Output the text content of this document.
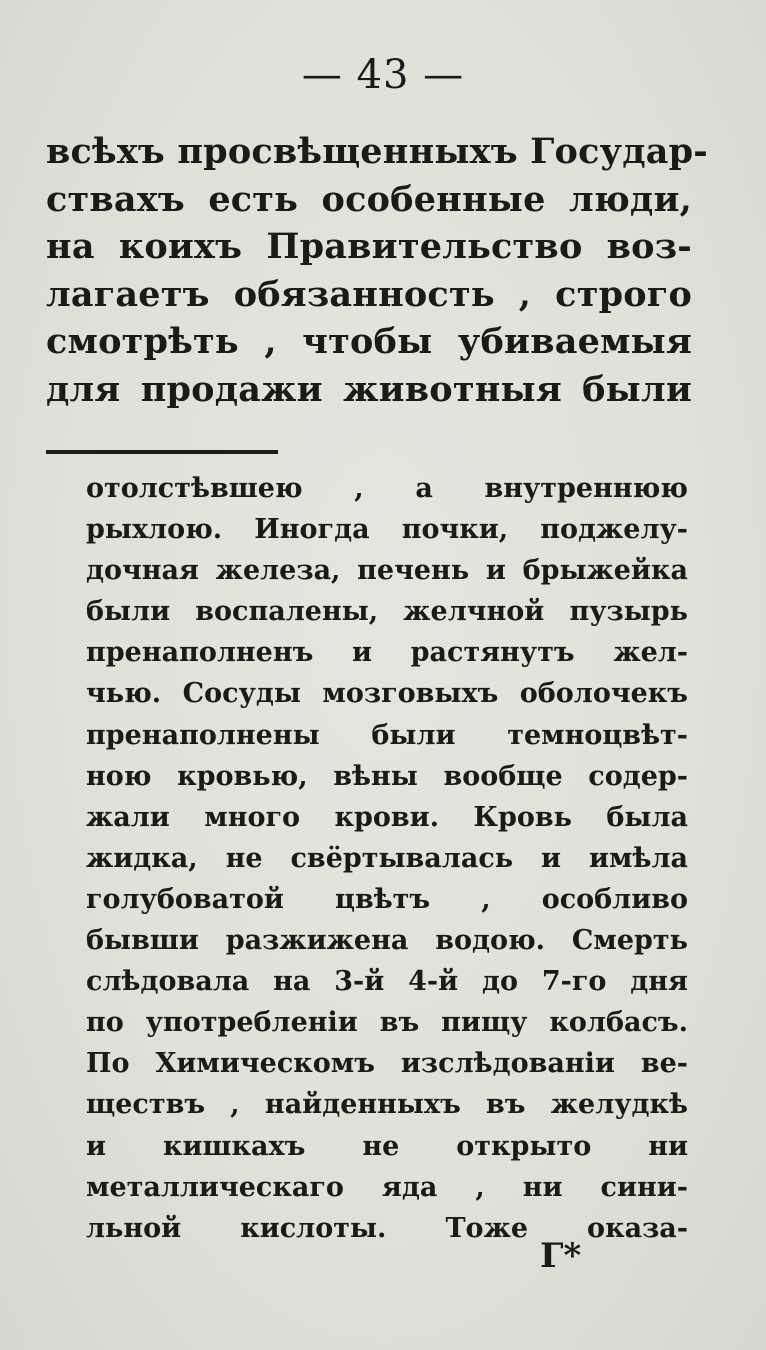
— 43 —
всѣхъ просвѣщенныхъ Государ-
ствахъ есть особенные люди,
на коихъ Правительство воз-
лагаетъ обязанность , строго
смотрѣть , чтобы убиваемыя
для продажи животныя были
отолстѣвшею , а внутреннюю
рыхлою. Иногда почки, поджелу-
дочная железа, печень и брыжейка
были воспалены, желчной пузырь
пренаполненъ и растянутъ жел-
чью. Сосуды мозговыхъ оболочекъ
пренаполнены были темноцвѣт-
ною кровью, вѣны вообще содер-
жали много крови. Кровь была
жидка, не свёртывалась и имѣла
голубоватой цвѣтъ , особливо
бывши разжижена водою. Смерть
слѣдовала на 3-й 4-й до 7-го дня
по употребленіи въ пищу колбасъ.
По Химическомъ изслѣдованіи ве-
ществъ , найденныхъ въ желудкѣ
и кишкахъ не открыто ни
металлическаго яда , ни сини-
льной кислоты. Тоже оказа-
Г*
